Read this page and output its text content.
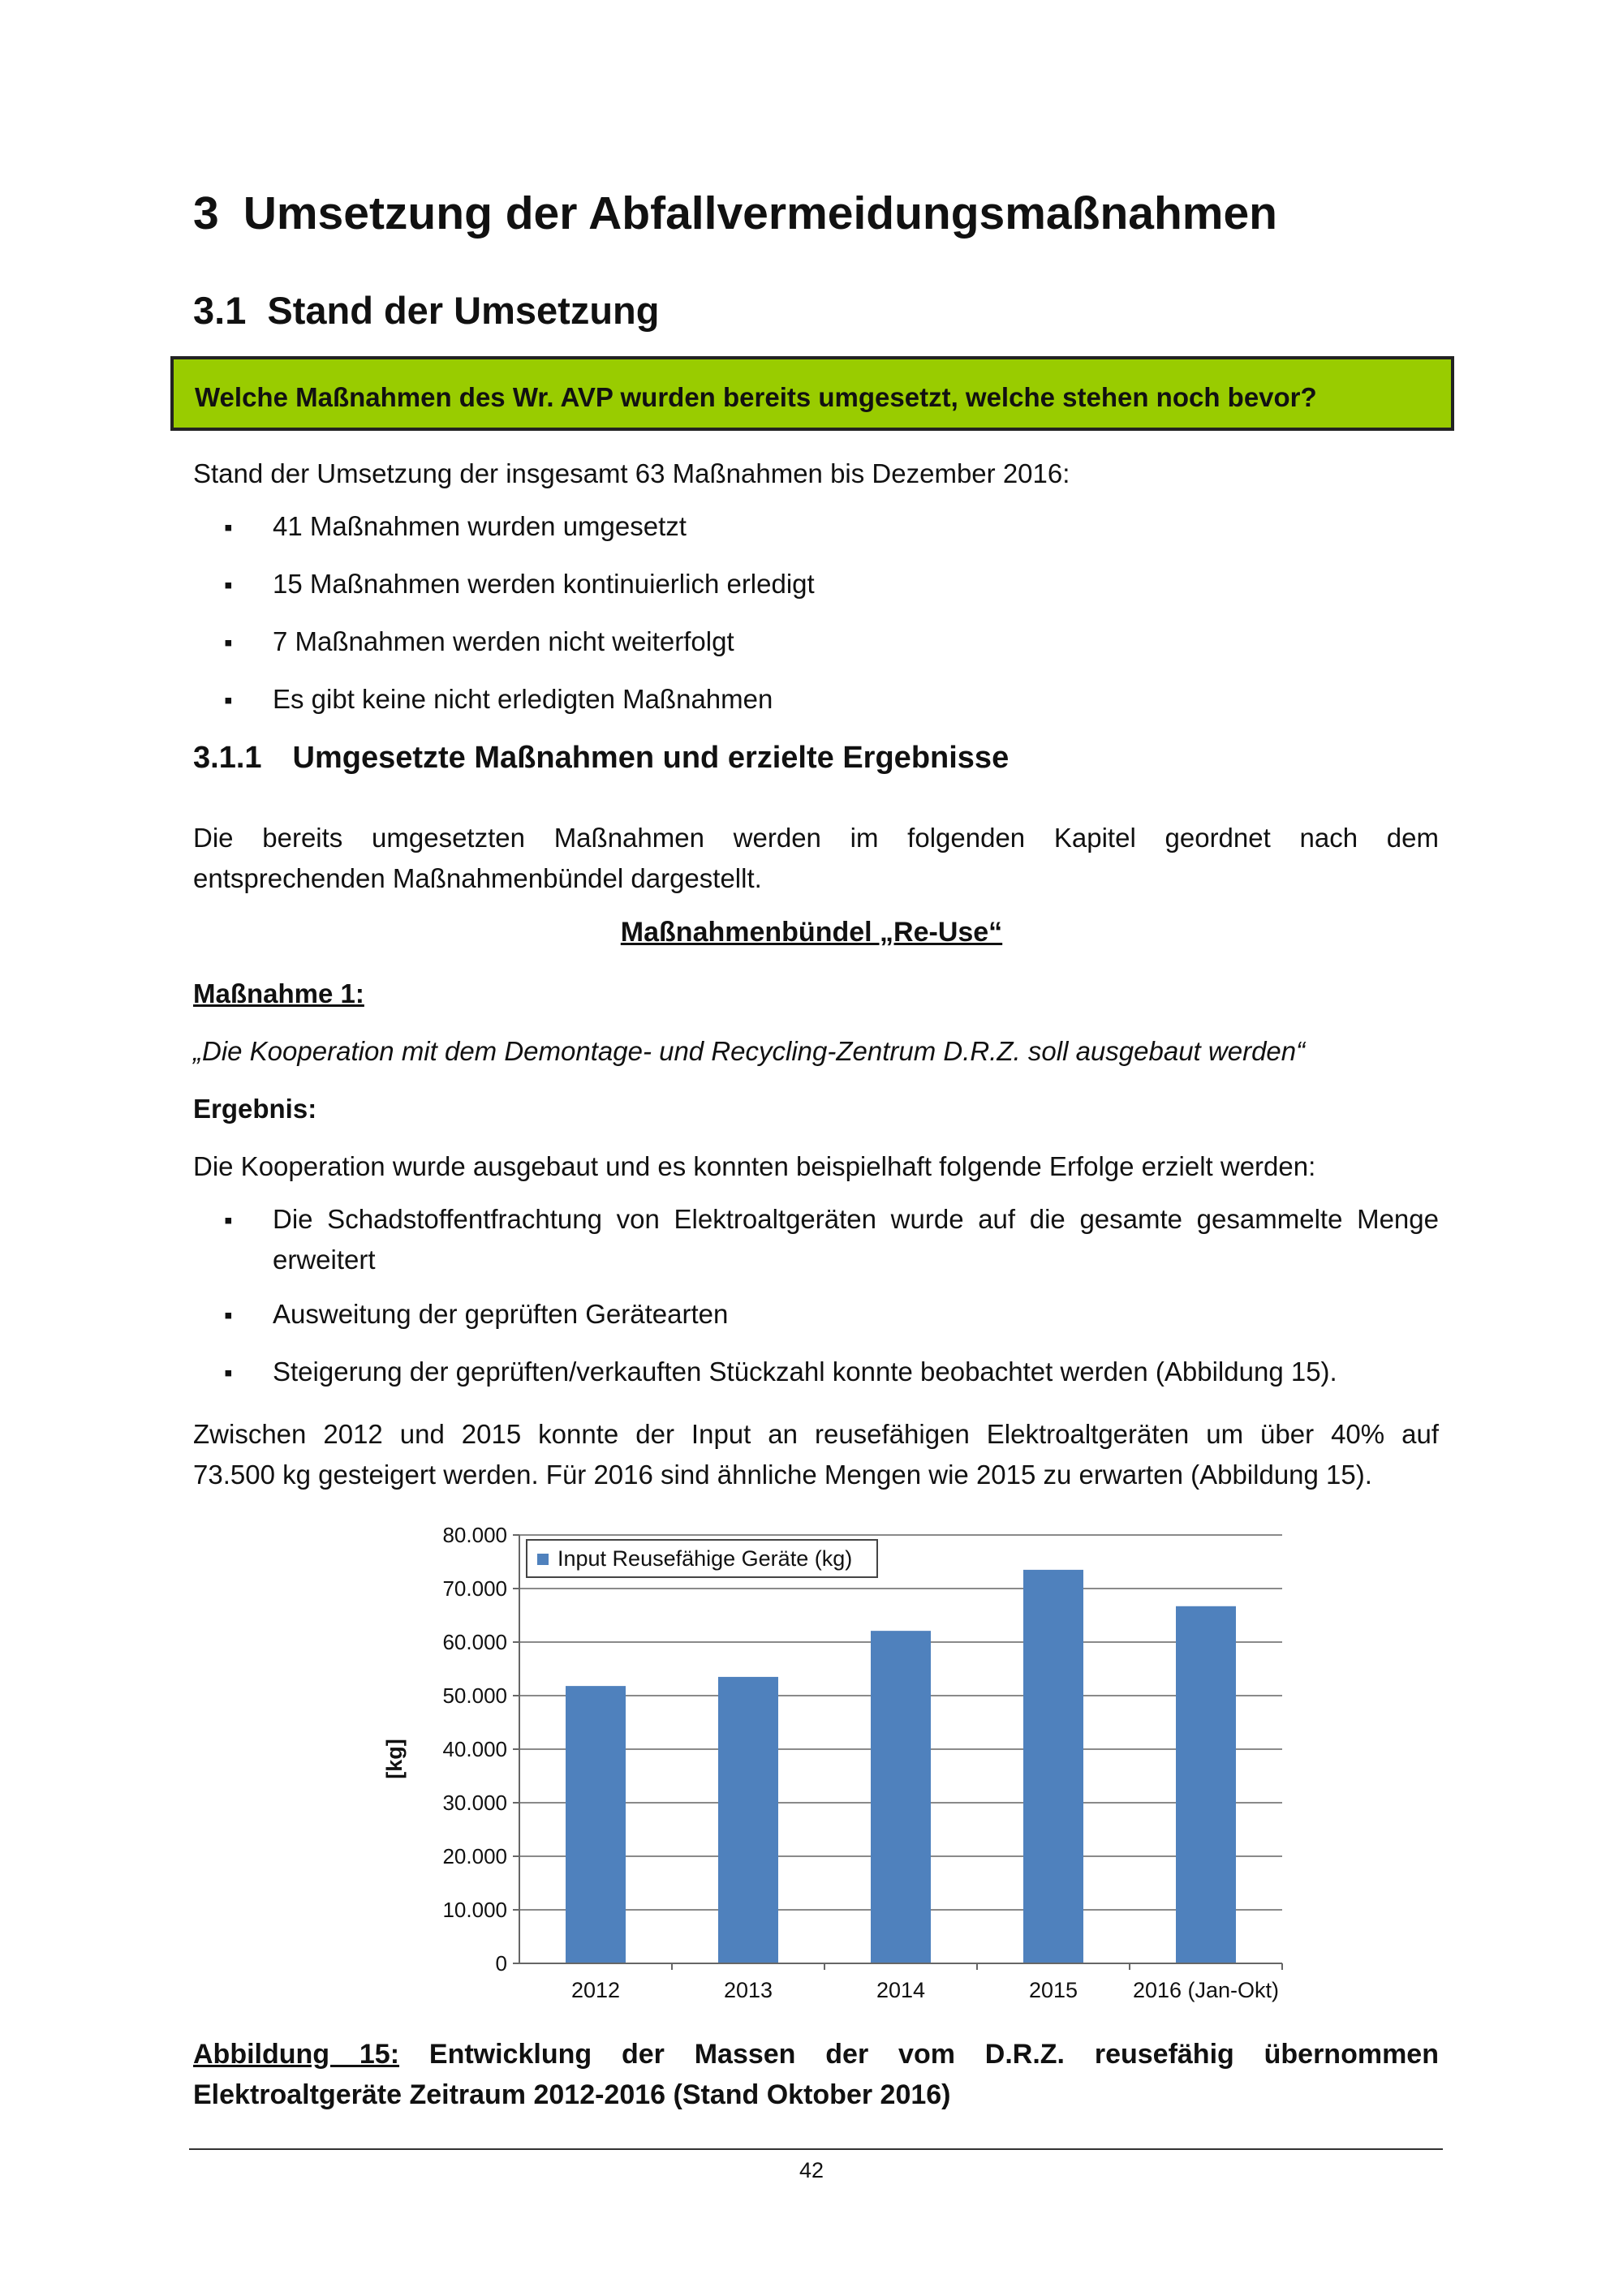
3 Umsetzung der Abfallvermeidungsmaßnahmen
3.1 Stand der Umsetzung
Welche Maßnahmen des Wr. AVP wurden bereits umgesetzt, welche stehen noch bevor?
Stand der Umsetzung der insgesamt 63 Maßnahmen bis Dezember 2016:
▪ 41 Maßnahmen wurden umgesetzt
▪ 15 Maßnahmen werden kontinuierlich erledigt
▪ 7 Maßnahmen werden nicht weiterfolgt
▪ Es gibt keine nicht erledigten Maßnahmen
3.1.1 Umgesetzte Maßnahmen und erzielte Ergebnisse
Die bereits umgesetzten Maßnahmen werden im folgenden Kapitel geordnet nach dem
entsprechenden Maßnahmenbündel dargestellt.
Maßnahmenbündel „Re-Use“
Maßnahme 1:
„Die Kooperation mit dem Demontage- und Recycling-Zentrum D.R.Z. soll ausgebaut werden“
Ergebnis:
Die Kooperation wurde ausgebaut und es konnten beispielhaft folgende Erfolge erzielt werden:
▪ Die Schadstoffentfrachtung von Elektroaltgeräten wurde auf die gesamte gesammelte Menge
erweitert
▪ Ausweitung der geprüften Gerätearten
▪ Steigerung der geprüften/verkauften Stückzahl konnte beobachtet werden (Abbildung 15).
Zwischen 2012 und 2015 konnte der Input an reusefähigen Elektroaltgeräten um über 40% auf
73.500 kg gesteigert werden. Für 2016 sind ähnliche Mengen wie 2015 zu erwarten (Abbildung 15).
0
10.000
20.000
30.000
40.000
50.000
60.000
70.000
80.000
2012	2013	2014	2015	2016 (Jan-Okt)
[kg]
Input Reusefähige Geräte (kg)
Abbildung 15: Entwicklung der Massen der vom D.R.Z. reusefähig übernommen
Elektroaltgeräte Zeitraum 2012-2016 (Stand Oktober 2016)
42
